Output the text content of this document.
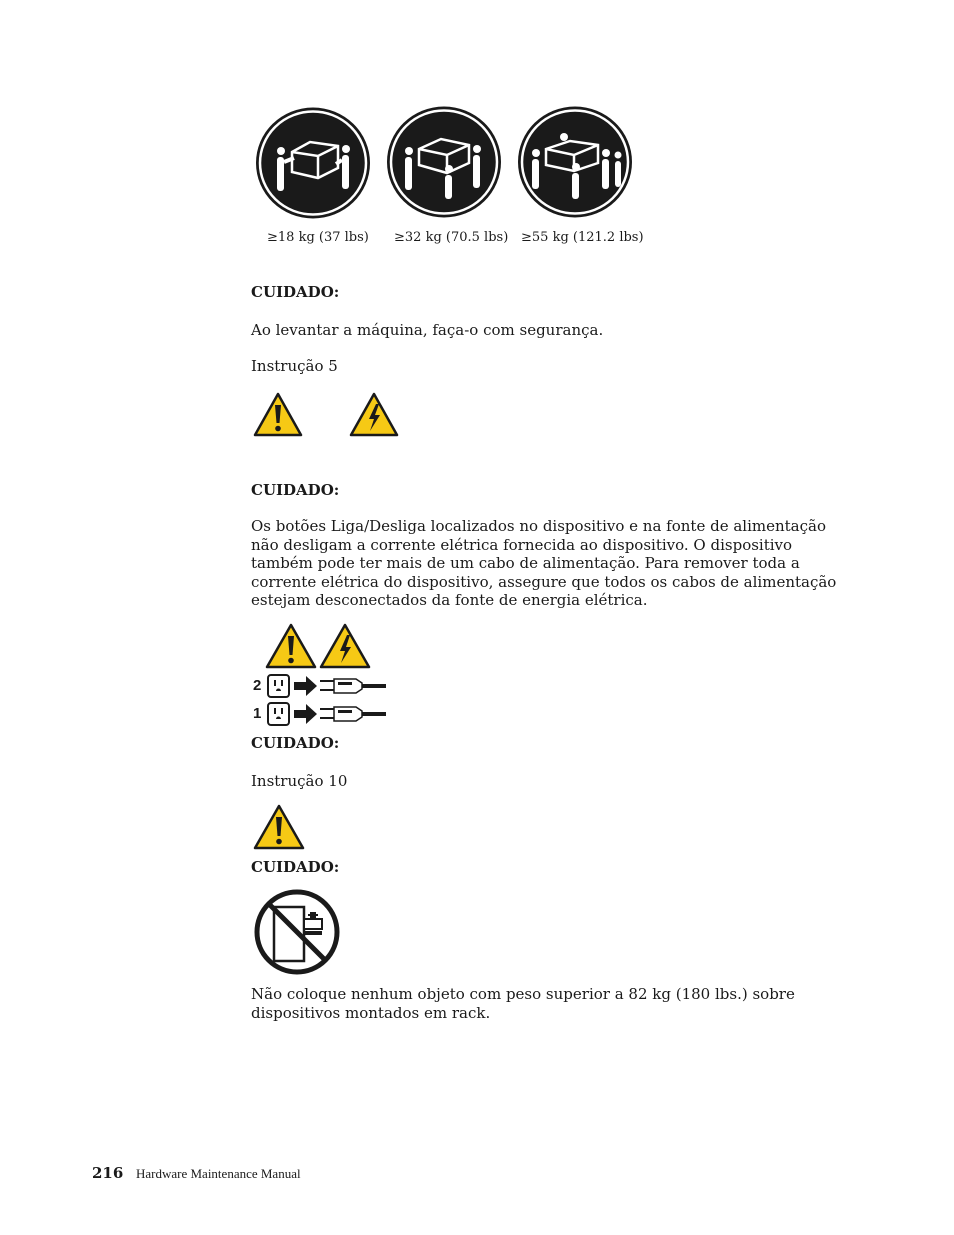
≥18 kg (37 lbs) ≥32 kg (70.5 lbs) ≥55 kg (121.2 lbs)
CUIDADO:
Ao levantar a máquina, faça-o com segurança.
Instrução 5
CUIDADO:
Os botões Liga/Desliga localizados no dispositivo e na fonte de alimentação não desligam a corrente elétrica fornecida ao dispositivo. O dispositivo também pode ter mais de um cabo de alimentação. Para remover toda a corrente elétrica do dispositivo, assegure que todos os cabos de alimentação estejam desconectados da fonte de energia elétrica.
2
1
CUIDADO:
Instrução 10
CUIDADO:
Não coloque nenhum objeto com peso superior a 82 kg (180 lbs.) sobre dispositivos montados em rack.
216 Hardware Maintenance Manual
